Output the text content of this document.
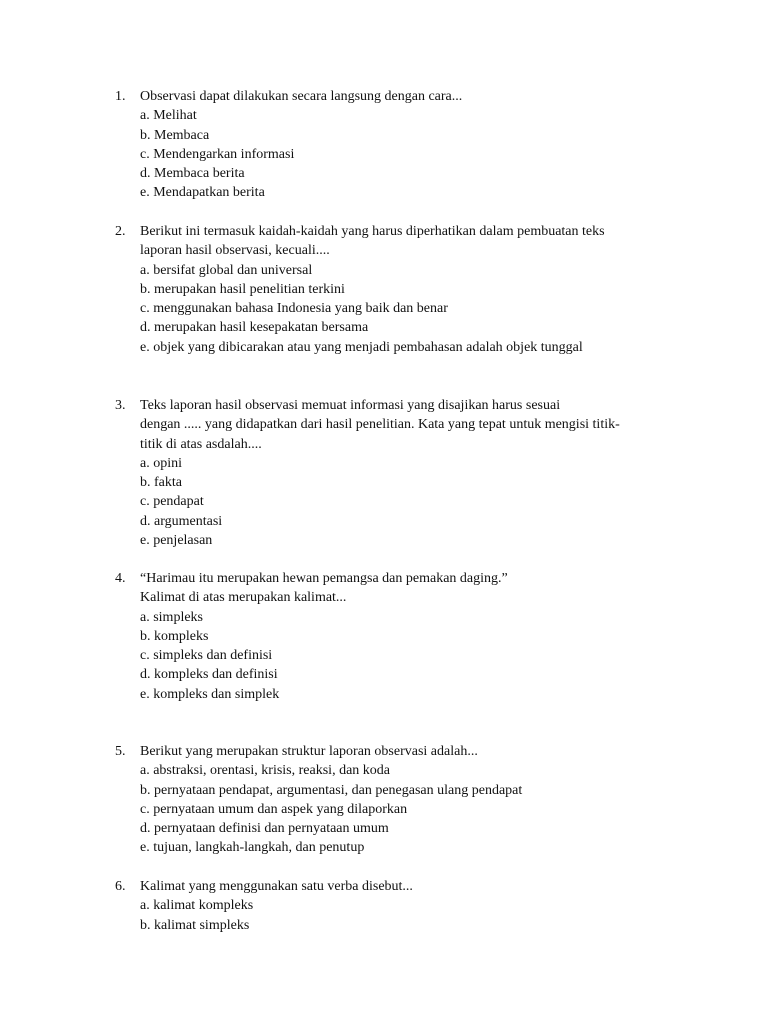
1. Observasi dapat dilakukan secara langsung dengan cara...
a. Melihat
b. Membaca
c. Mendengarkan informasi
d. Membaca berita
e. Mendapatkan berita
2. Berikut ini termasuk kaidah-kaidah yang harus diperhatikan dalam pembuatan teks
laporan hasil observasi, kecuali....
a. bersifat global dan universal
b. merupakan hasil penelitian terkini
c. menggunakan bahasa Indonesia yang baik dan benar
d. merupakan hasil kesepakatan bersama
e. objek yang dibicarakan atau yang menjadi pembahasan adalah objek tunggal
3. Teks laporan hasil observasi memuat informasi yang disajikan harus sesuai
dengan ..... yang didapatkan dari hasil penelitian. Kata yang tepat untuk mengisi titik-
titik di atas asdalah....
a. opini
b. fakta
c. pendapat
d. argumentasi
e. penjelasan
4. “Harimau itu merupakan hewan pemangsa dan pemakan daging.”
Kalimat di atas merupakan kalimat...
a. simpleks
b. kompleks
c. simpleks dan definisi
d. kompleks dan definisi
e. kompleks dan simplek
5. Berikut yang merupakan struktur laporan observasi adalah...
a. abstraksi, orentasi, krisis, reaksi, dan koda
b. pernyataan pendapat, argumentasi, dan penegasan ulang pendapat
c. pernyataan umum dan aspek yang dilaporkan
d. pernyataan definisi dan pernyataan umum
e. tujuan, langkah-langkah, dan penutup
6. Kalimat yang menggunakan satu verba disebut...
a. kalimat kompleks
b. kalimat simpleks
